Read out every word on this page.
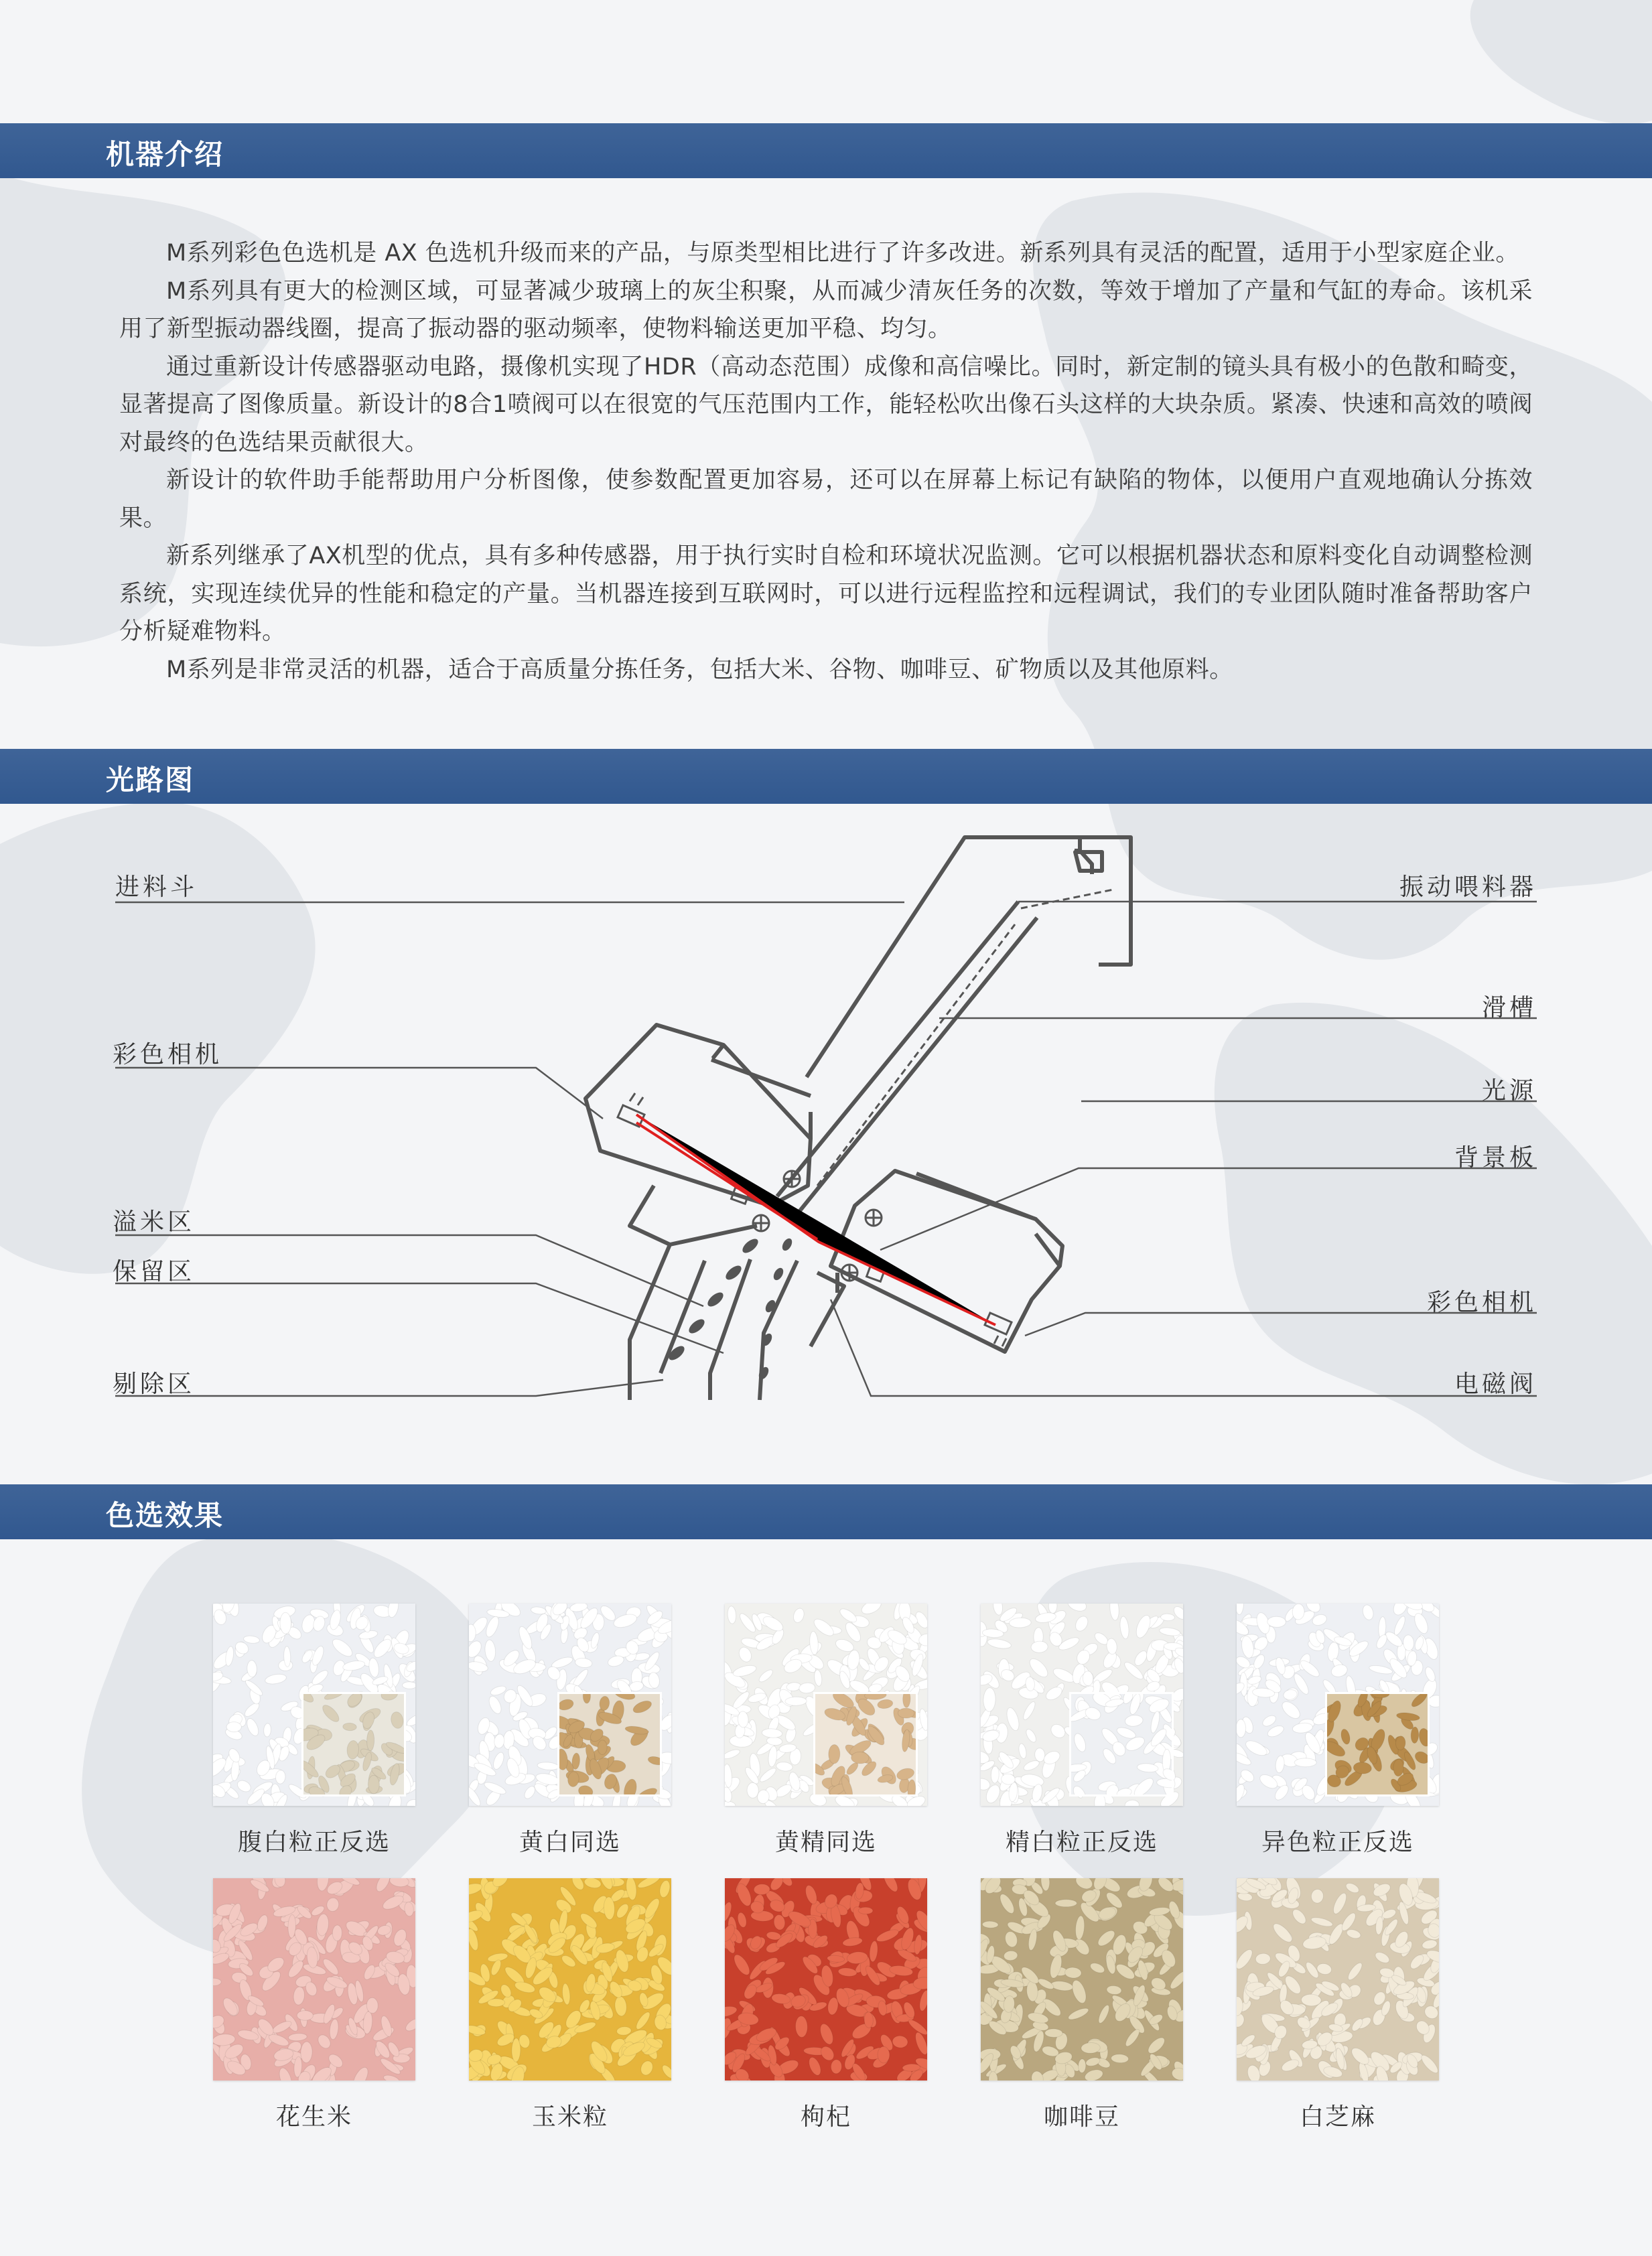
机器介绍

M系列彩色色选机是 AX 色选机升级而来的产品，与原类型相比进行了许多改进。新系列具有灵活的配置，适用于小型家庭企业。

M系列具有更大的检测区域，可显著减少玻璃上的灰尘积聚，从而减少清灰任务的次数，等效于增加了产量和气缸的寿命。该机采用了新型振动器线圈，提高了振动器的驱动频率，使物料输送更加平稳、均匀。

通过重新设计传感器驱动电路，摄像机实现了HDR（高动态范围）成像和高信噪比。同时，新定制的镜头具有极小的色散和畸变，显著提高了图像质量。新设计的8合1喷阀可以在很宽的气压范围内工作，能轻松吹出像石头这样的大块杂质。紧凑、快速和高效的喷阀对最终的色选结果贡献很大。

新设计的软件助手能帮助用户分析图像，使参数配置更加容易，还可以在屏幕上标记有缺陷的物体，以便用户直观地确认分拣效果。

新系列继承了AX机型的优点，具有多种传感器，用于执行实时自检和环境状况监测。它可以根据机器状态和原料变化自动调整检测系统，实现连续优异的性能和稳定的产量。当机器连接到互联网时，可以进行远程监控和远程调试，我们的专业团队随时准备帮助客户分析疑难物料。

M系列是非常灵活的机器，适合于高质量分拣任务，包括大米、谷物、咖啡豆、矿物质以及其他原料。

光路图
进料斗
彩色相机
溢米区
保留区
剔除区
振动喂料器
滑槽
光源
背景板
彩色相机
电磁阀
色选效果
腹白粒正反选	黄白同选	黄精同选	精白粒正反选	异色粒正反选
花生米	玉米粒	枸杞	咖啡豆	白芝麻
